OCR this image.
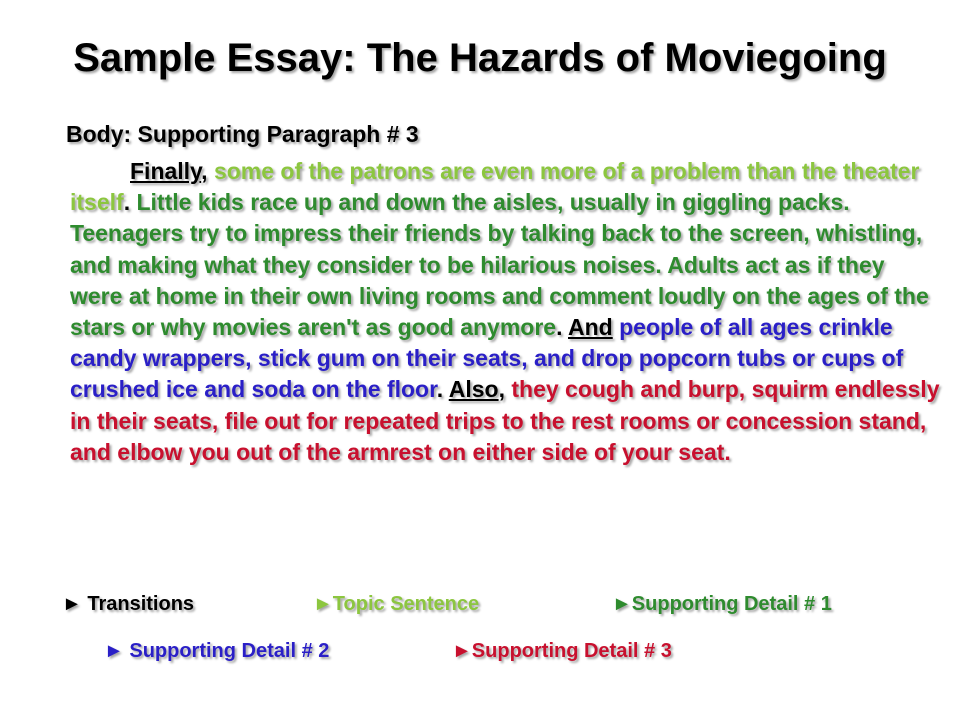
Sample Essay: The Hazards of Moviegoing
Body: Supporting Paragraph # 3
Finally, some of the patrons are even more of a problem than the theater itself. Little kids race up and down the aisles, usually in giggling packs. Teenagers try to impress their friends by talking back to the screen, whistling, and making what they consider to be hilarious noises. Adults act as if they were at home in their own living rooms and comment loudly on the ages of the stars or why movies aren't as good anymore. And people of all ages crinkle candy wrappers, stick gum on their seats, and drop popcorn tubs or cups of crushed ice and soda on the floor. Also, they cough and burp, squirm endlessly in their seats, file out for repeated trips to the rest rooms or concession stand, and elbow you out of the armrest on either side of your seat.
► Transitions	►Topic Sentence	►Supporting Detail # 1
► Supporting Detail # 2	►Supporting Detail # 3
